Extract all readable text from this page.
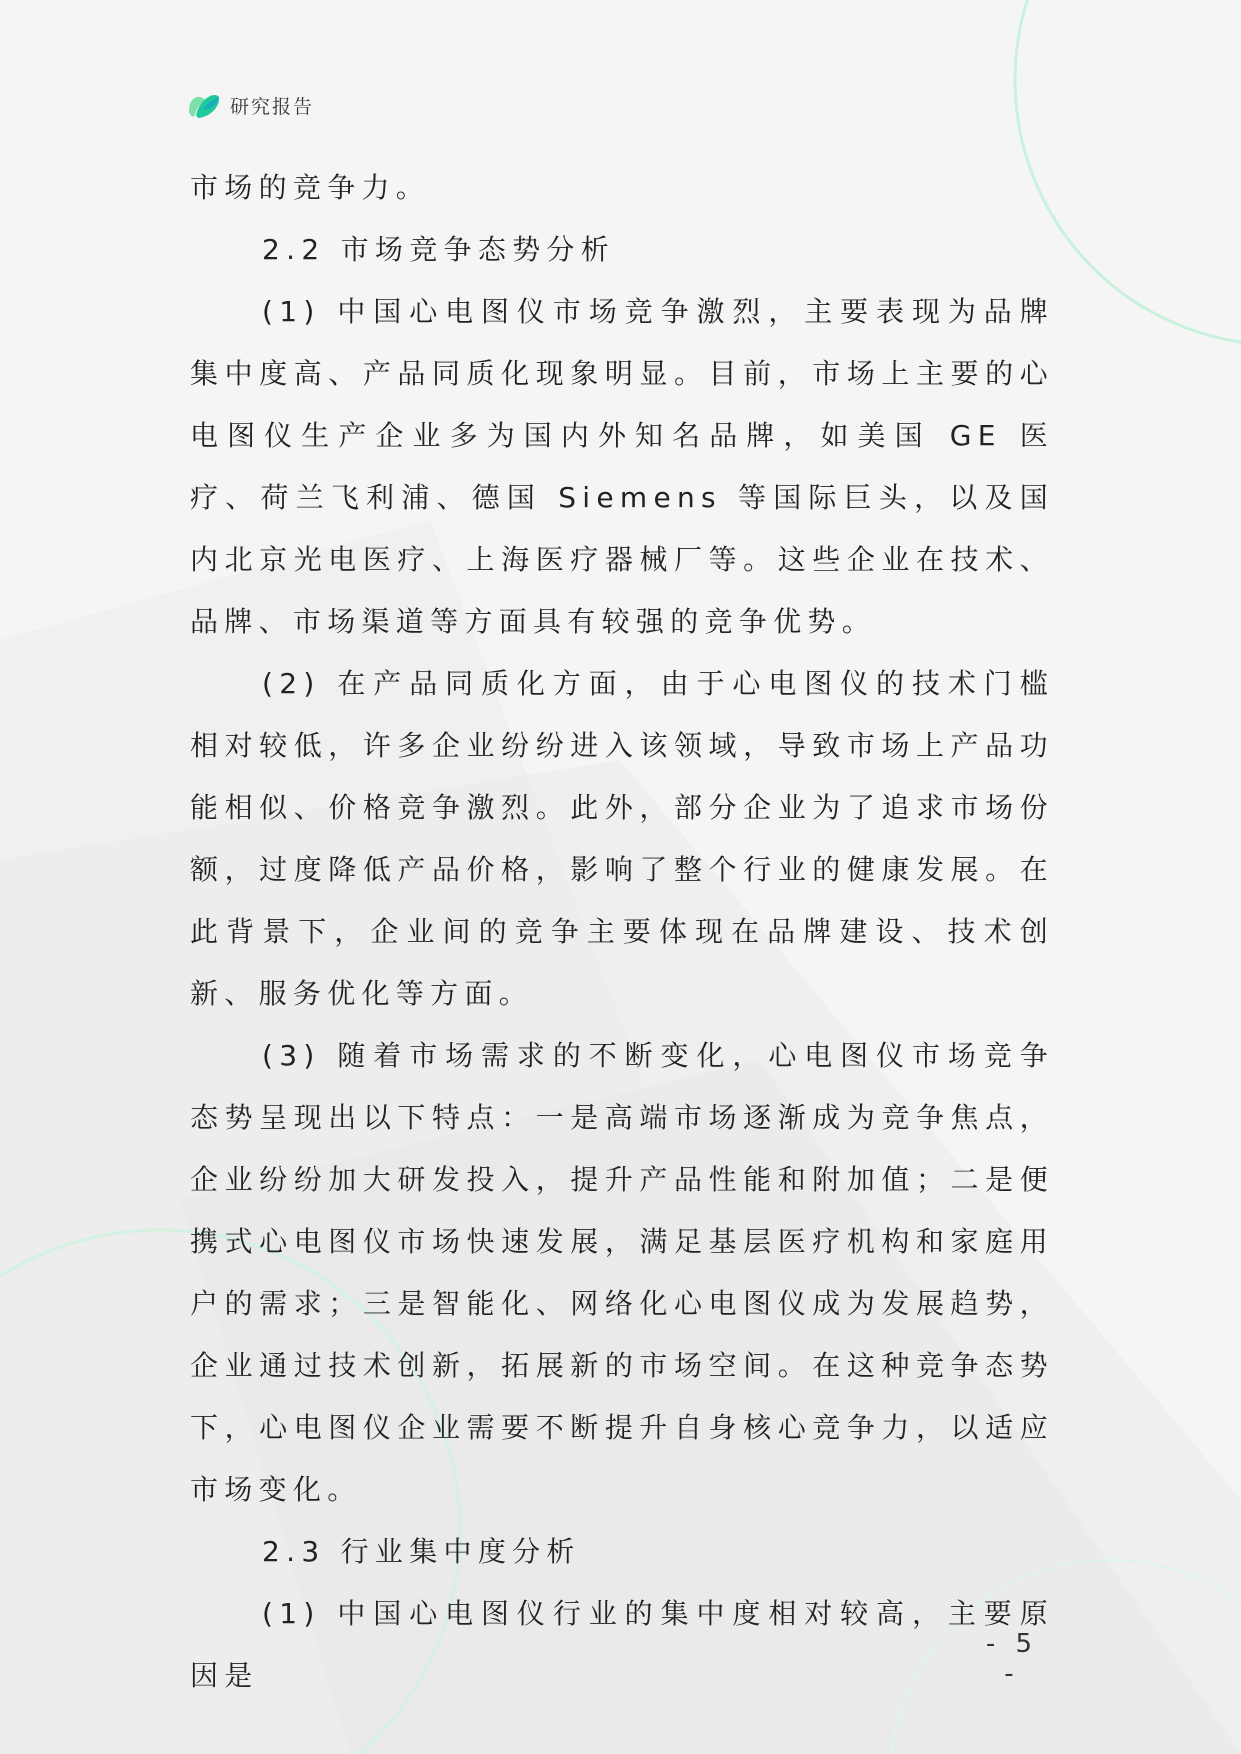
研究报告

市场的竞争力。

2.2 市场竞争态势分析

(1) 中国心电图仪市场竞争激烈，主要表现为品牌集中度高、产品同质化现象明显。目前，市场上主要的心电图仪生产企业多为国内外知名品牌，如美国 GE 医疗、荷兰飞利浦、德国 Siemens 等国际巨头，以及国内北京光电医疗、上海医疗器械厂等。这些企业在技术、品牌、市场渠道等方面具有较强的竞争优势。

(2) 在产品同质化方面，由于心电图仪的技术门槛相对较低，许多企业纷纷进入该领域，导致市场上产品功能相似、价格竞争激烈。此外，部分企业为了追求市场份额，过度降低产品价格，影响了整个行业的健康发展。在此背景下，企业间的竞争主要体现在品牌建设、技术创新、服务优化等方面。

(3) 随着市场需求的不断变化，心电图仪市场竞争态势呈现出以下特点：一是高端市场逐渐成为竞争焦点，企业纷纷加大研发投入，提升产品性能和附加值；二是便携式心电图仪市场快速发展，满足基层医疗机构和家庭用户的需求；三是智能化、网络化心电图仪成为发展趋势，企业通过技术创新，拓展新的市场空间。在这种竞争态势下，心电图仪企业需要不断提升自身核心竞争力，以适应市场变化。

2.3 行业集中度分析

(1) 中国心电图仪行业的集中度相对较高，主要原因是

- 5 -
